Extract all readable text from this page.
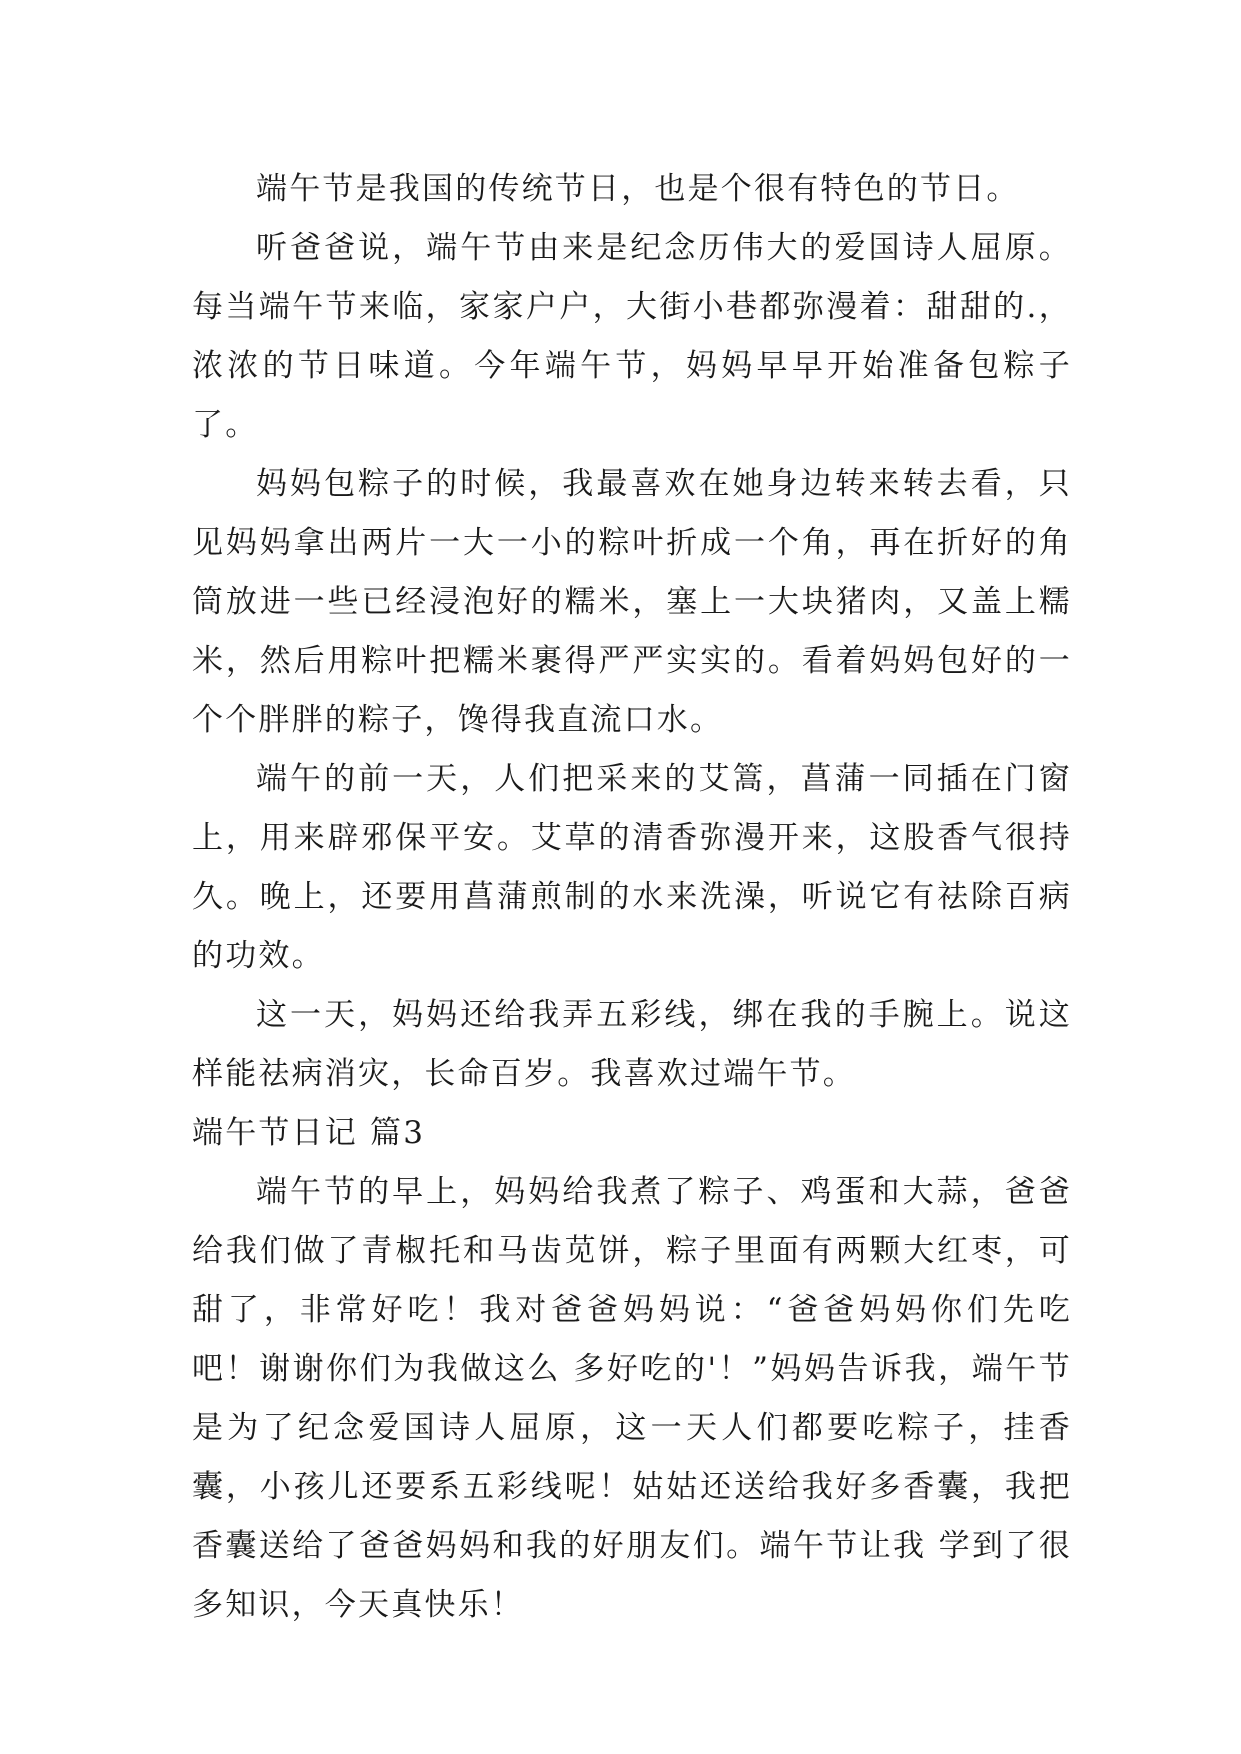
端午节是我国的传统节日，也是个很有特色的节日。

听爸爸说，端午节由来是纪念历伟大的爱国诗人屈原。每当端午节来临，家家户户，大街小巷都弥漫着：甜甜的.，浓浓的节日味道。今年端午节，妈妈早早开始准备包粽子了。

妈妈包粽子的时候，我最喜欢在她身边转来转去看，只见妈妈拿出两片一大一小的粽叶折成一个角，再在折好的角筒放进一些已经浸泡好的糯米，塞上一大块猪肉，又盖上糯米，然后用粽叶把糯米裹得严严实实的。看着妈妈包好的一个个胖胖的粽子，馋得我直流口水。

端午的前一天，人们把采来的艾篙，菖蒲一同插在门窗上，用来辟邪保平安。艾草的清香弥漫开来，这股香气很持久。晚上，还要用菖蒲煎制的水来洗澡，听说它有祛除百病的功效。

这一天，妈妈还给我弄五彩线，绑在我的手腕上。说这样能祛病消灾，长命百岁。我喜欢过端午节。

端午节日记 篇3

端午节的早上，妈妈给我煮了粽子、鸡蛋和大蒜，爸爸给我们做了青椒托和马齿苋饼，粽子里面有两颗大红枣，可甜了，非常好吃！我对爸爸妈妈说：“爸爸妈妈你们先吃吧！谢谢你们为我做这么 多好吃的'！”妈妈告诉我，端午节是为了纪念爱国诗人屈原，这一天人们都要吃粽子，挂香囊，小孩儿还要系五彩线呢！姑姑还送给我好多香囊，我把香囊送给了爸爸妈妈和我的好朋友们。端午节让我 学到了很多知识，今天真快乐！
